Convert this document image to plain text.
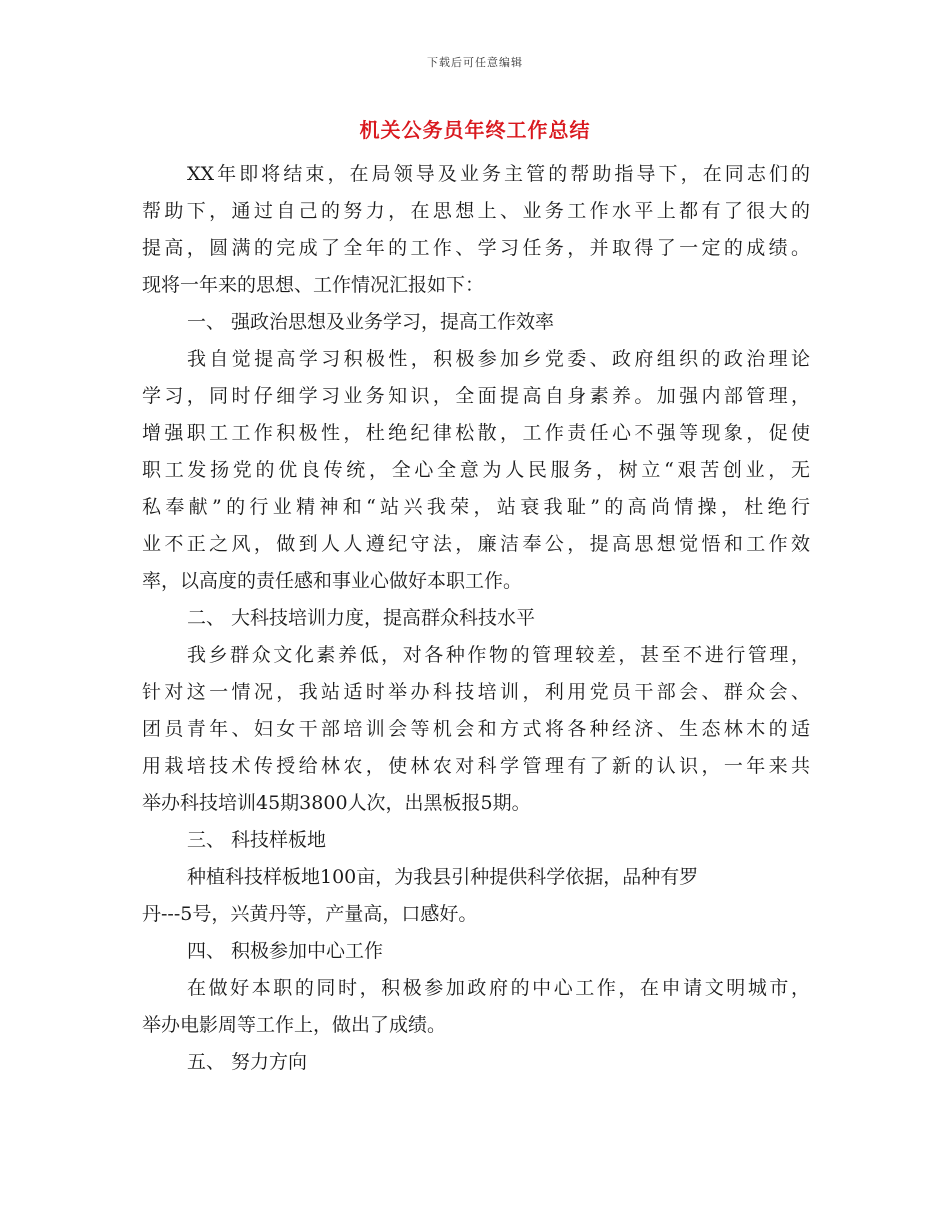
下载后可任意编辑
机关公务员年终工作总结
XX年即将结束，在局领导及业务主管的帮助指导下，在同志们的
帮助下，通过自己的努力，在思想上、业务工作水平上都有了很大的
提高，圆满的完成了全年的工作、学习任务，并取得了一定的成绩。
现将一年来的思想、工作情况汇报如下：
一、 强政治思想及业务学习，提高工作效率
我自觉提高学习积极性，积极参加乡党委、政府组织的政治理论
学习，同时仔细学习业务知识，全面提高自身素养。加强内部管理，
增强职工工作积极性，杜绝纪律松散，工作责任心不强等现象，促使
职工发扬党的优良传统，全心全意为人民服务，树立“艰苦创业，无
私奉献”的行业精神和“站兴我荣，站衰我耻”的高尚情操，杜绝行
业不正之风，做到人人遵纪守法，廉洁奉公，提高思想觉悟和工作效
率，以高度的责任感和事业心做好本职工作。
二、 大科技培训力度，提高群众科技水平
我乡群众文化素养低，对各种作物的管理较差，甚至不进行管理，
针对这一情况，我站适时举办科技培训，利用党员干部会、群众会、
团员青年、妇女干部培训会等机会和方式将各种经济、生态林木的适
用栽培技术传授给林农，使林农对科学管理有了新的认识，一年来共
举办科技培训45期3800人次，出黑板报5期。
三、 科技样板地
种植科技样板地100亩，为我县引种提供科学依据，品种有罗
丹---5号，兴黄丹等，产量高，口感好。
四、 积极参加中心工作
在做好本职的同时，积极参加政府的中心工作，在申请文明城市，
举办电影周等工作上，做出了成绩。
五、 努力方向
